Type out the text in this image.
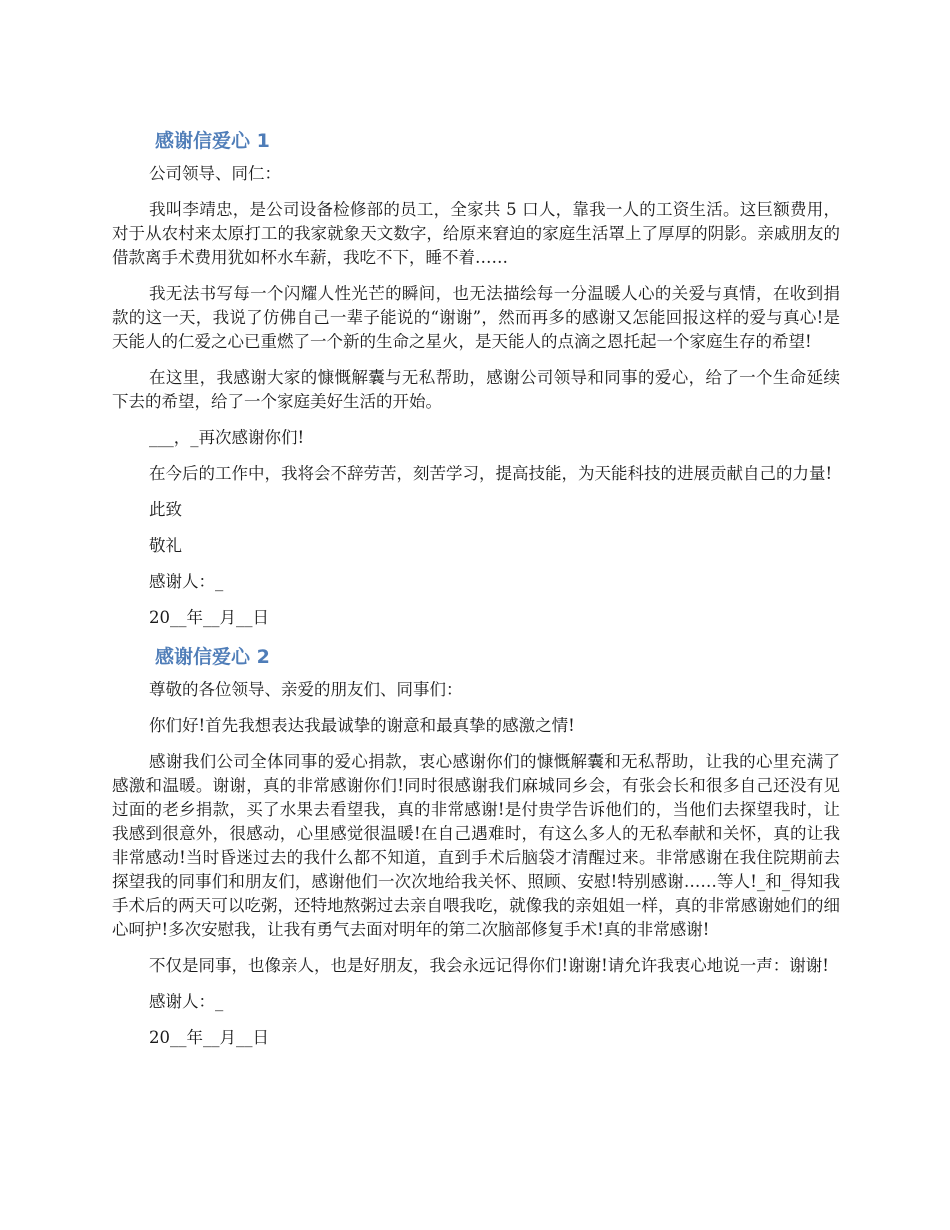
感谢信爱心 1
公司领导、同仁：
我叫李靖忠，是公司设备检修部的员工，全家共 5 口人，靠我一人的工资生活。这巨额费用，对于从农村来太原打工的我家就象天文数字，给原来窘迫的家庭生活罩上了厚厚的阴影。亲戚朋友的借款离手术费用犹如杯水车薪，我吃不下，睡不着……
我无法书写每一个闪耀人性光芒的瞬间，也无法描绘每一分温暖人心的关爱与真情，在收到捐款的这一天，我说了仿佛自己一辈子能说的“谢谢”，然而再多的感谢又怎能回报这样的爱与真心!是天能人的仁爱之心已重燃了一个新的生命之星火，是天能人的点滴之恩托起一个家庭生存的希望!
在这里，我感谢大家的慷慨解囊与无私帮助，感谢公司领导和同事的爱心，给了一个生命延续下去的希望，给了一个家庭美好生活的开始。
___，_再次感谢你们!
在今后的工作中，我将会不辞劳苦，刻苦学习，提高技能，为天能科技的进展贡献自己的力量!
此致
敬礼
感谢人：_
20__年__月__日
感谢信爱心 2
尊敬的各位领导、亲爱的朋友们、同事们：
你们好!首先我想表达我最诚挚的谢意和最真挚的感激之情!
感谢我们公司全体同事的爱心捐款，衷心感谢你们的慷慨解囊和无私帮助，让我的心里充满了感激和温暖。谢谢，真的非常感谢你们!同时很感谢我们麻城同乡会，有张会长和很多自己还没有见过面的老乡捐款，买了水果去看望我，真的非常感谢!是付贵学告诉他们的，当他们去探望我时，让我感到很意外，很感动，心里感觉很温暖!在自己遇难时，有这么多人的无私奉献和关怀，真的让我非常感动!当时昏迷过去的我什么都不知道，直到手术后脑袋才清醒过来。非常感谢在我住院期前去探望我的同事们和朋友们，感谢他们一次次地给我关怀、照顾、安慰!特别感谢……等人!_和_得知我手术后的两天可以吃粥，还特地熬粥过去亲自喂我吃，就像我的亲姐姐一样，真的非常感谢她们的细心呵护!多次安慰我，让我有勇气去面对明年的第二次脑部修复手术!真的非常感谢!
不仅是同事，也像亲人，也是好朋友，我会永远记得你们!谢谢!请允许我衷心地说一声：谢谢!
感谢人：_
20__年__月__日
